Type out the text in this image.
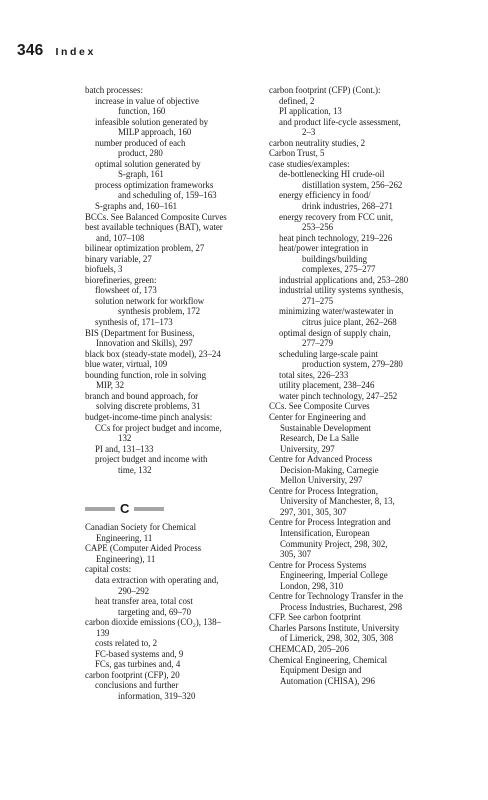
346 Index
batch processes:
increase in value of objective
function, 160
infeasible solution generated by
MILP approach, 160
number produced of each
product, 280
optimal solution generated by
S-graph, 161
process optimization frameworks
and scheduling of, 159–163
S-graphs and, 160–161
BCCs. See Balanced Composite Curves
best available techniques (BAT), water
and, 107–108
bilinear optimization problem, 27
binary variable, 27
biofuels, 3
biorefineries, green:
flowsheet of, 173
solution network for workflow
synthesis problem, 172
synthesis of, 171–173
BIS (Department for Business,
Innovation and Skills), 297
black box (steady-state model), 23–24
blue water, virtual, 109
bounding function, role in solving
MIP, 32
branch and bound approach, for
solving discrete problems, 31
budget-income-time pinch analysis:
CCs for project budget and income,
132
PI and, 131–133
project budget and income with
time, 132
C
Canadian Society for Chemical
Engineering, 11
CAPE (Computer Aided Process
Engineering), 11
capital costs:
data extraction with operating and,
290–292
heat transfer area, total cost
targeting and, 69–70
carbon dioxide emissions (CO₂), 138–
139
costs related to, 2
FC-based systems and, 9
FCs, gas turbines and, 4
carbon footprint (CFP), 20
conclusions and further
information, 319–320
carbon footprint (CFP) (Cont.):
defined, 2
PI application, 13
and product life-cycle assessment,
2–3
carbon neutrality studies, 2
Carbon Trust, 5
case studies/examples:
de-bottlenecking HI crude-oil
distillation system, 256–262
energy efficiency in food/
drink industries, 268–271
energy recovery from FCC unit,
253–256
heat pinch technology, 219–226
heat/power integration in
buildings/building
complexes, 275–277
industrial applications and, 253–280
industrial utility systems synthesis,
271–275
minimizing water/wastewater in
citrus juice plant, 262–268
optimal design of supply chain,
277–279
scheduling large-scale paint
production system, 279–280
total sites, 226–233
utility placement, 238–246
water pinch technology, 247–252
CCs. See Composite Curves
Center for Engineering and
Sustainable Development
Research, De La Salle
University, 297
Centre for Advanced Process
Decision-Making, Carnegie
Mellon University, 297
Centre for Process Integration,
University of Manchester, 8, 13,
297, 301, 305, 307
Centre for Process Integration and
Intensification, European
Community Project, 298, 302,
305, 307
Centre for Process Systems
Engineering, Imperial College
London, 298, 310
Centre for Technology Transfer in the
Process Industries, Bucharest, 298
CFP. See carbon footprint
Charles Parsons Institute, University
of Limerick, 298, 302, 305, 308
CHEMCAD, 205–206
Chemical Engineering, Chemical
Equipment Design and
Automation (CHISA), 296
